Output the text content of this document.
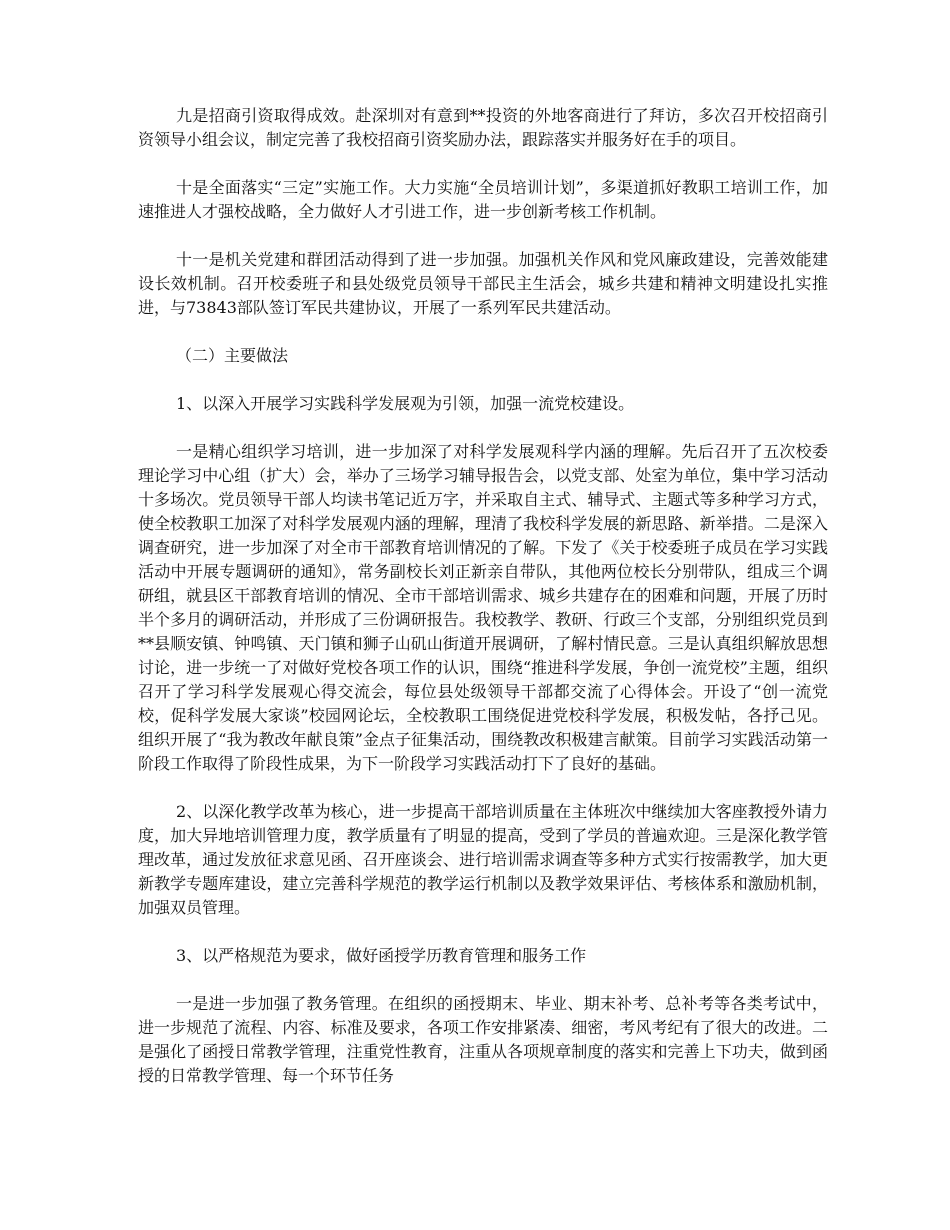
九是招商引资取得成效。赴深圳对有意到**投资的外地客商进行了拜访，多次召开校招商引资领导小组会议，制定完善了我校招商引资奖励办法，跟踪落实并服务好在手的项目。

十是全面落实“三定”实施工作。大力实施“全员培训计划”，多渠道抓好教职工培训工作，加速推进人才强校战略，全力做好人才引进工作，进一步创新考核工作机制。

十一是机关党建和群团活动得到了进一步加强。加强机关作风和党风廉政建设，完善效能建设长效机制。召开校委班子和县处级党员领导干部民主生活会，城乡共建和精神文明建设扎实推进，与73843部队签订军民共建协议，开展了一系列军民共建活动。

（二）主要做法

1、以深入开展学习实践科学发展观为引领，加强一流党校建设。

一是精心组织学习培训，进一步加深了对科学发展观科学内涵的理解。先后召开了五次校委理论学习中心组（扩大）会，举办了三场学习辅导报告会，以党支部、处室为单位，集中学习活动十多场次。党员领导干部人均读书笔记近万字，并采取自主式、辅导式、主题式等多种学习方式，使全校教职工加深了对科学发展观内涵的理解，理清了我校科学发展的新思路、新举措。二是深入调查研究，进一步加深了对全市干部教育培训情况的了解。下发了《关于校委班子成员在学习实践活动中开展专题调研的通知》，常务副校长刘正新亲自带队，其他两位校长分别带队，组成三个调研组，就县区干部教育培训的情况、全市干部培训需求、城乡共建存在的困难和问题，开展了历时半个多月的调研活动，并形成了三份调研报告。我校教学、教研、行政三个支部，分别组织党员到**县顺安镇、钟鸣镇、天门镇和狮子山矶山街道开展调研，了解村情民意。三是认真组织解放思想讨论，进一步统一了对做好党校各项工作的认识，围绕“推进科学发展，争创一流党校”主题，组织召开了学习科学发展观心得交流会，每位县处级领导干部都交流了心得体会。开设了“创一流党校，促科学发展大家谈”校园网论坛，全校教职工围绕促进党校科学发展，积极发帖，各抒己见。组织开展了“我为教改年献良策”金点子征集活动，围绕教改积极建言献策。目前学习实践活动第一阶段工作取得了阶段性成果，为下一阶段学习实践活动打下了良好的基础。

2、以深化教学改革为核心，进一步提高干部培训质量在主体班次中继续加大客座教授外请力度，加大异地培训管理力度，教学质量有了明显的提高，受到了学员的普遍欢迎。三是深化教学管理改革，通过发放征求意见函、召开座谈会、进行培训需求调查等多种方式实行按需教学，加大更新教学专题库建设，建立完善科学规范的教学运行机制以及教学效果评估、考核体系和激励机制，加强双员管理。

3、以严格规范为要求，做好函授学历教育管理和服务工作

一是进一步加强了教务管理。在组织的函授期末、毕业、期末补考、总补考等各类考试中，进一步规范了流程、内容、标准及要求，各项工作安排紧凑、细密，考风考纪有了很大的改进。二是强化了函授日常教学管理，注重党性教育，注重从各项规章制度的落实和完善上下功夫，做到函授的日常教学管理、每一个环节任务
